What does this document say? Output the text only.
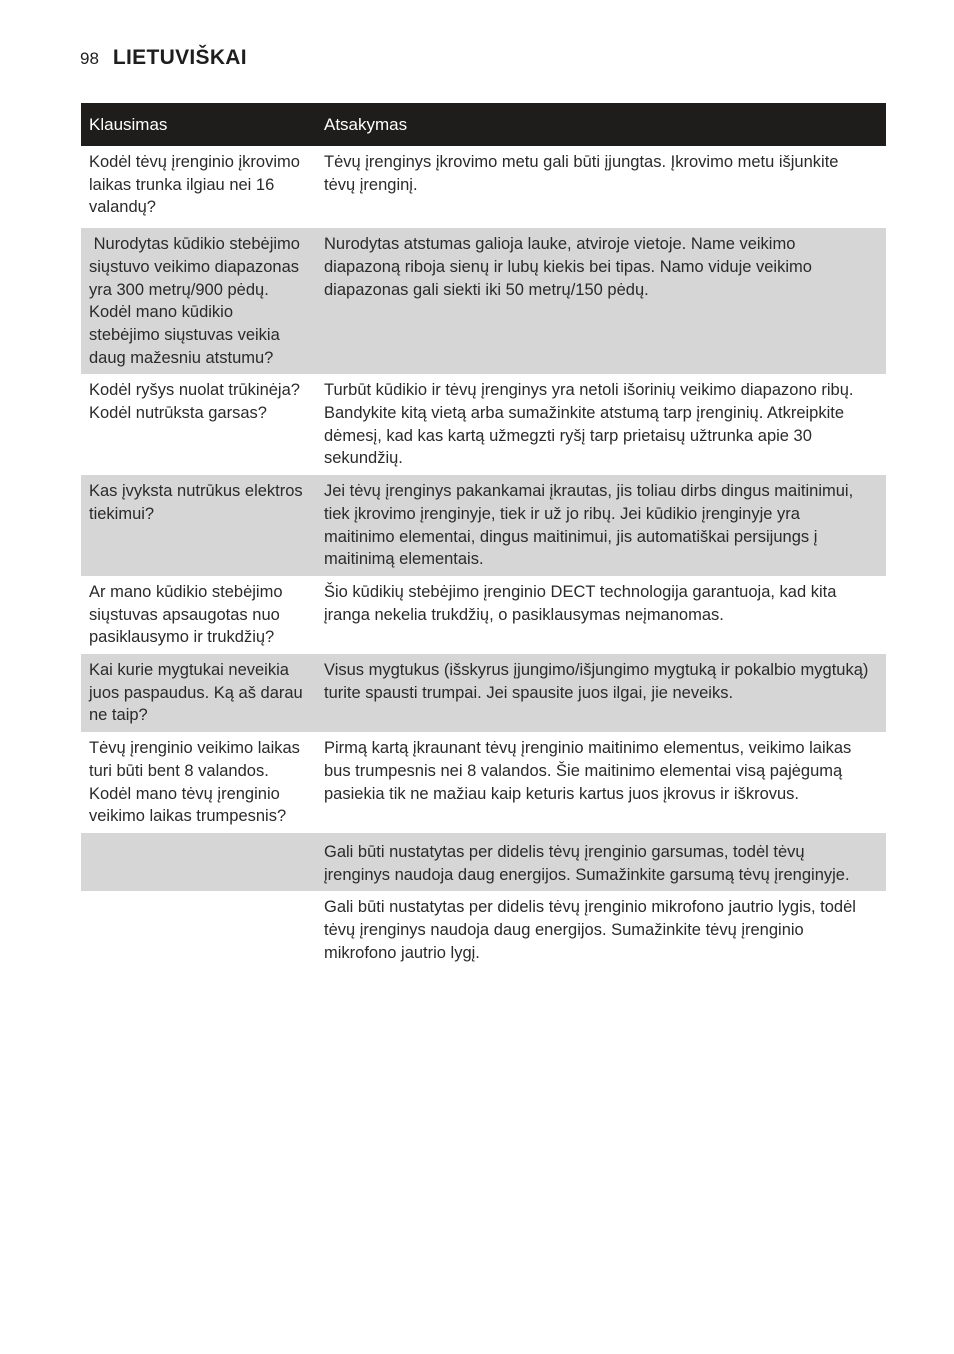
98 LIETUVIŠKAI
Klausimas	Atsakymas
Kodėl tėvų įrenginio įkrovimo laikas trunka ilgiau nei 16 valandų?	Tėvų įrenginys įkrovimo metu gali būti įjungtas. Įkrovimo metu išjunkite tėvų įrenginį.
Nurodytas kūdikio stebėjimo siųstuvo veikimo diapazonas yra 300 metrų/900 pėdų. Kodėl mano kūdikio stebėjimo siųstuvas veikia daug mažesniu atstumu?	Nurodytas atstumas galioja lauke, atviroje vietoje. Name veikimo diapazoną riboja sienų ir lubų kiekis bei tipas. Namo viduje veikimo diapazonas gali siekti iki 50 metrų/150 pėdų.
Kodėl ryšys nuolat trūkinėja? Kodėl nutrūksta garsas?	Turbūt kūdikio ir tėvų įrenginys yra netoli išorinių veikimo diapazono ribų. Bandykite kitą vietą arba sumažinkite atstumą tarp įrenginių. Atkreipkite dėmesį, kad kas kartą užmegzti ryšį tarp prietaisų užtrunka apie 30 sekundžių.
Kas įvyksta nutrūkus elektros tiekimui?	Jei tėvų įrenginys pakankamai įkrautas, jis toliau dirbs dingus maitinimui, tiek įkrovimo įrenginyje, tiek ir už jo ribų. Jei kūdikio įrenginyje yra maitinimo elementai, dingus maitinimui, jis automatiškai persijungs į maitinimą elementais.
Ar mano kūdikio stebėjimo siųstuvas apsaugotas nuo pasiklausymo ir trukdžių?	Šio kūdikių stebėjimo įrenginio DECT technologija garantuoja, kad kita įranga nekelia trukdžių, o pasiklausymas neįmanomas.
Kai kurie mygtukai neveikia juos paspaudus. Ką aš darau ne taip?	Visus mygtukus (išskyrus įjungimo/išjungimo mygtuką ir pokalbio mygtuką) turite spausti trumpai. Jei spausite juos ilgai, jie neveiks.
Tėvų įrenginio veikimo laikas turi būti bent 8 valandos. Kodėl mano tėvų įrenginio veikimo laikas trumpesnis?	Pirmą kartą įkraunant tėvų įrenginio maitinimo elementus, veikimo laikas bus trumpesnis nei 8 valandos. Šie maitinimo elementai visą pajėgumą pasiekia tik ne mažiau kaip keturis kartus juos įkrovus ir iškrovus.
	Gali būti nustatytas per didelis tėvų įrenginio garsumas, todėl tėvų įrenginys naudoja daug energijos. Sumažinkite garsumą tėvų įrenginyje.
	Gali būti nustatytas per didelis tėvų įrenginio mikrofono jautrio lygis, todėl tėvų įrenginys naudoja daug energijos. Sumažinkite tėvų įrenginio mikrofono jautrio lygį.
